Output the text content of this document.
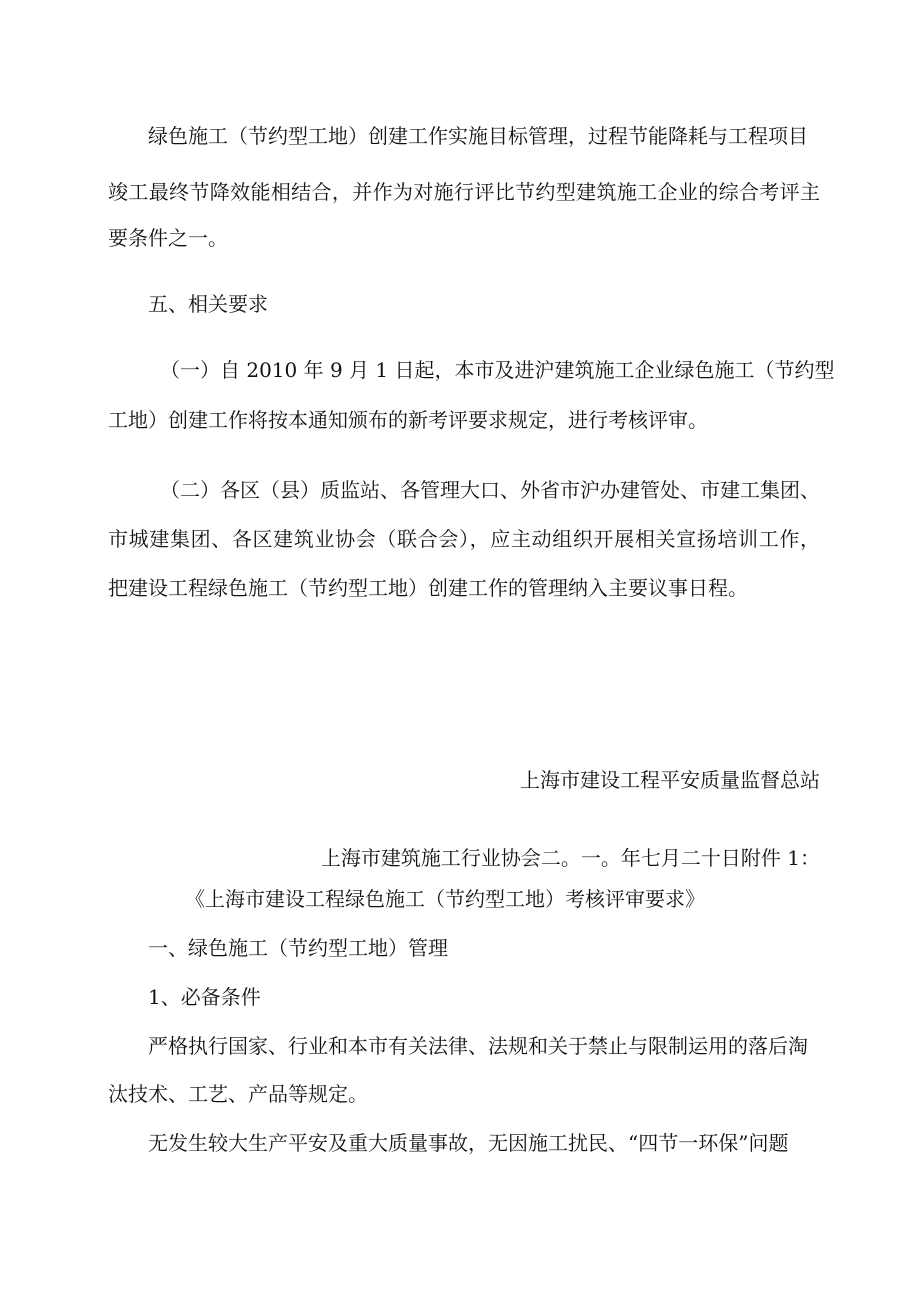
绿色施工（节约型工地）创建工作实施目标管理，过程节能降耗与工程项目
竣工最终节降效能相结合，并作为对施行评比节约型建筑施工企业的综合考评主
要条件之一。
五、相关要求
（一）自 2010 年 9 月 1 日起，本市及进沪建筑施工企业绿色施工（节约型
工地）创建工作将按本通知颁布的新考评要求规定，进行考核评审。
（二）各区（县）质监站、各管理大口、外省市沪办建管处、市建工集团、
市城建集团、各区建筑业协会（联合会），应主动组织开展相关宣扬培训工作，
把建设工程绿色施工（节约型工地）创建工作的管理纳入主要议事日程。
上海市建设工程平安质量监督总站
上海市建筑施工行业协会二。一。年七月二十日附件 1：
《上海市建设工程绿色施工（节约型工地）考核评审要求》
一、绿色施工（节约型工地）管理
1、必备条件
严格执行国家、行业和本市有关法律、法规和关于禁止与限制运用的落后淘
汰技术、工艺、产品等规定。
无发生较大生产平安及重大质量事故，无因施工扰民、“四节一环保”问题
